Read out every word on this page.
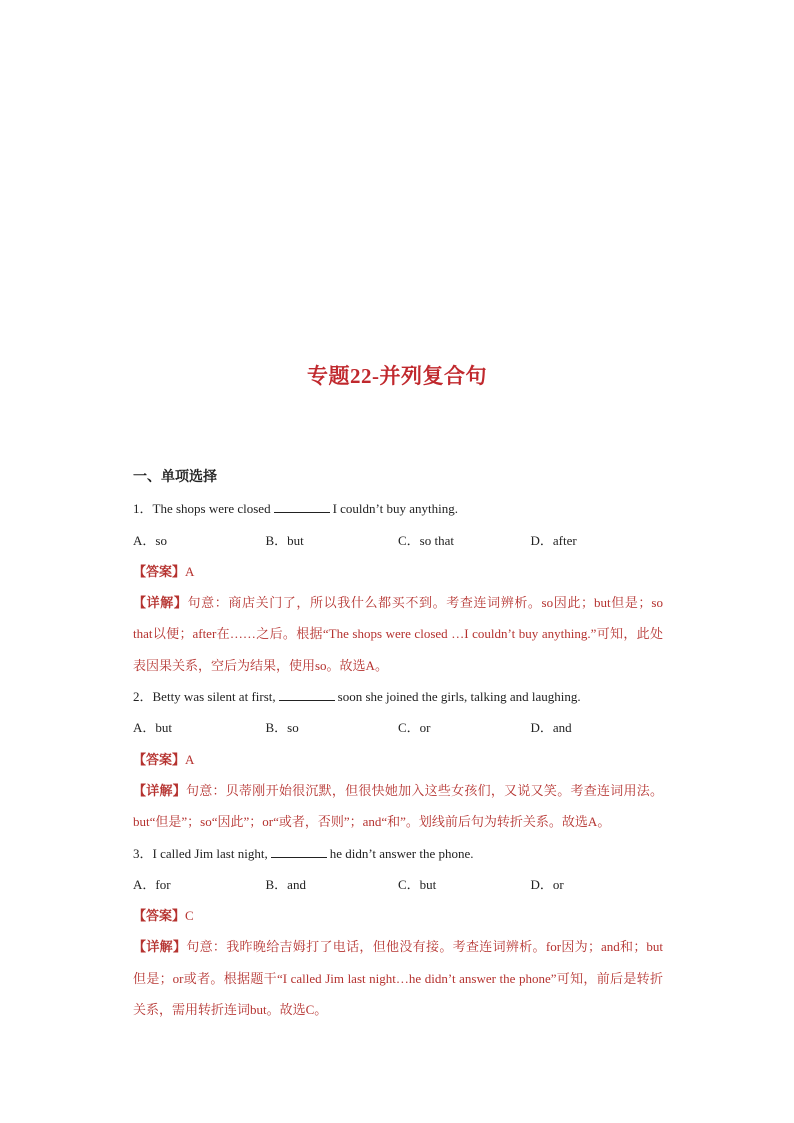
专题22-并列复合句
一、单项选择
1．The shops were closed	I couldn’t buy anything.
A．so	B．but	C．so that	D．after
【答案】A
【详解】句意：商店关门了，所以我什么都买不到。考查连词辨析。so因此；but但是；so that以便；after在……之后。根据“The shops were closed …I couldn’t buy anything.”可知，此处表因果关系，空后为结果，使用so。故选A。
2．Betty was silent at first,	soon she joined the girls, talking and laughing.
A．but	B．so	C．or	D．and
【答案】A
【详解】句意：贝蒂刚开始很沉默，但很快她加入这些女孩们，又说又笑。考查连词用法。but“但是”；so“因此”；or“或者，否则”；and“和”。划线前后句为转折关系。故选A。
3．I called Jim last night,	he didn’t answer the phone.
A．for	B．and	C．but	D．or
【答案】C
【详解】句意：我昨晚给吉姆打了电话，但他没有接。考查连词辨析。for因为；and和；but但是；or或者。根据题干“I called Jim last night…he didn’t answer the phone”可知，前后是转折关系，需用转折连词but。故选C。
